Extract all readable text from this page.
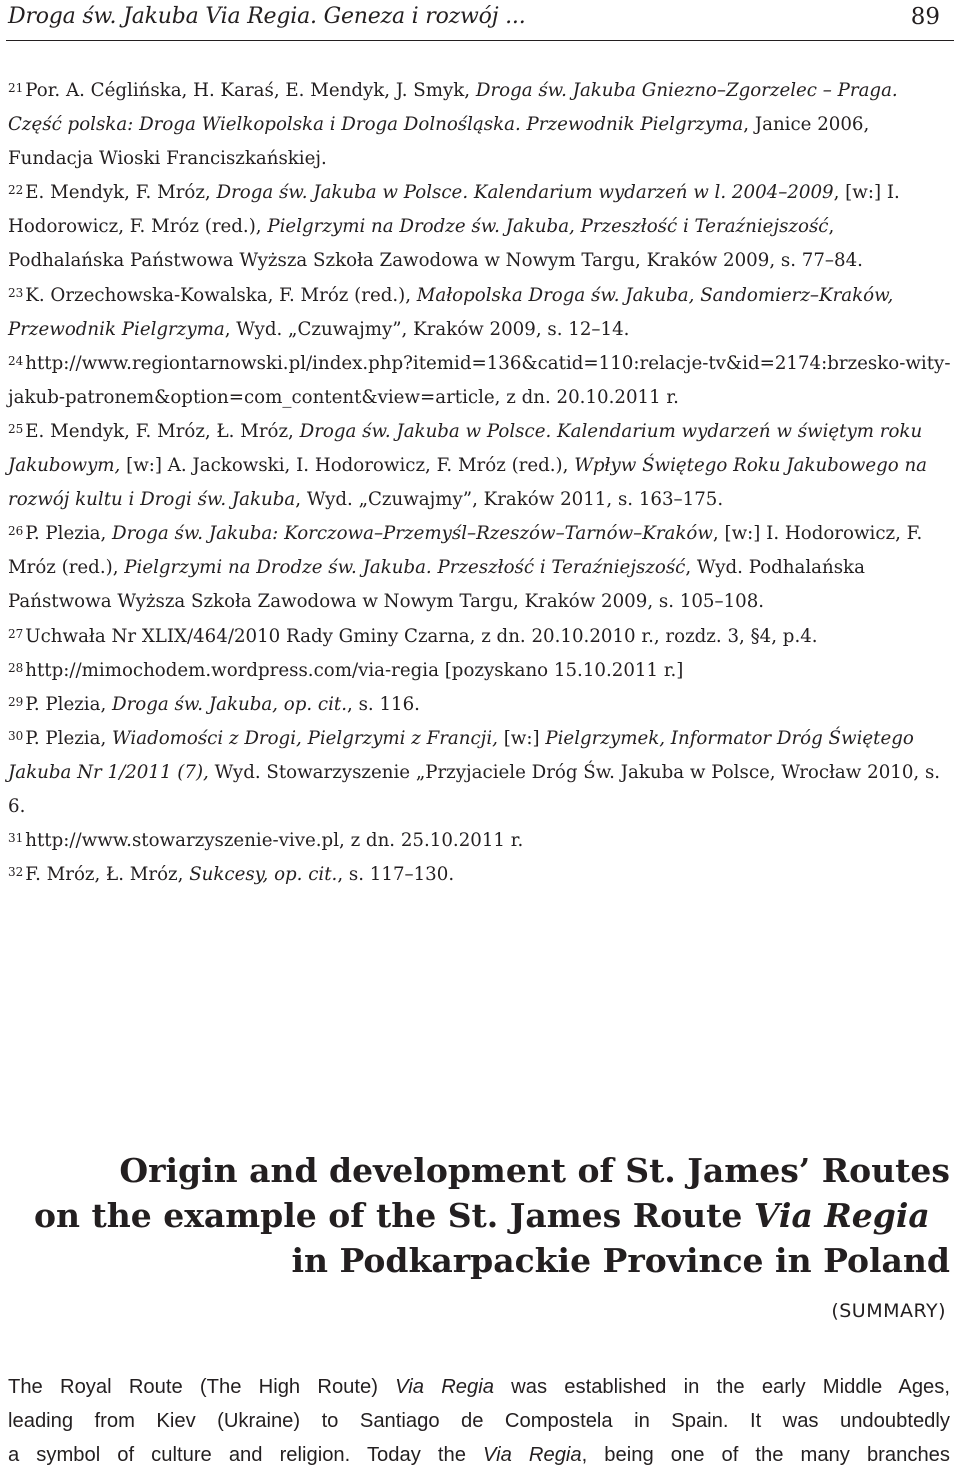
Droga św. Jakuba Via Regia. Geneza i rozwój ...	89

$^{21}$ Por. A. Céglińska, H. Karaś, E. Mendyk, J. Smyk, Droga św. Jakuba Gniezno–Zgorzelec – Praga. Część polska: Droga Wielkopolska i Droga Dolnośląska. Przewodnik Pielgrzyma, Janice 2006, Fundacja Wioski Franciszkańskiej.

$^{22}$ E. Mendyk, F. Mróz, Droga św. Jakuba w Polsce. Kalendarium wydarzeń w l. 2004–2009, [w:] I. Hodorowicz, F. Mróz (red.), Pielgrzymi na Drodze św. Jakuba, Przeszłość i Teraźniejszość, Podhalańska Państwowa Wyższa Szkoła Zawodowa w Nowym Targu, Kraków 2009, s. 77–84.

$^{23}$ K. Orzechowska-Kowalska, F. Mróz (red.), Małopolska Droga św. Jakuba, Sandomierz–Kraków, Przewodnik Pielgrzyma, Wyd. „Czuwajmy”, Kraków 2009, s. 12–14.

$^{24}$ http://www.regiontarnowski.pl/index.php?itemid=136&catid=110:relacje-tv&id=2174:brzesko-wity-jakub-patronem&option=com_content&view=article, z dn. 20.10.2011 r.

$^{25}$ E. Mendyk, F. Mróz, Ł. Mróz, Droga św. Jakuba w Polsce. Kalendarium wydarzeń w świętym roku Jakubowym, [w:] A. Jackowski, I. Hodorowicz, F. Mróz (red.), Wpływ Świętego Roku Jakubowego na rozwój kultu i Drogi św. Jakuba, Wyd. „Czuwajmy”, Kraków 2011, s. 163–175.

$^{26}$ P. Plezia, Droga św. Jakuba: Korczowa–Przemyśl–Rzeszów–Tarnów–Kraków, [w:] I. Hodorowicz, F. Mróz (red.), Pielgrzymi na Drodze św. Jakuba. Przeszłość i Teraźniejszość, Wyd. Podhalańska Państwowa Wyższa Szkoła Zawodowa w Nowym Targu, Kraków 2009, s. 105–108.

$^{27}$ Uchwała Nr XLIX/464/2010 Rady Gminy Czarna, z dn. 20.10.2010 r., rozdz. 3, §4, p.4.

$^{28}$ http://mimochodem.wordpress.com/via-regia [pozyskano 15.10.2011 r.]

$^{29}$ P. Plezia, Droga św. Jakuba, op. cit., s. 116.

$^{30}$ P. Plezia, Wiadomości z Drogi, Pielgrzymi z Francji, [w:] Pielgrzymek, Informator Dróg Świętego Jakuba Nr 1/2011 (7), Wyd. Stowarzyszenie „Przyjaciele Dróg Św. Jakuba w Polsce, Wrocław 2010, s. 6.

$^{31}$ http://www.stowarzyszenie-vive.pl, z dn. 25.10.2011 r.

$^{32}$ F. Mróz, Ł. Mróz, Sukcesy, op. cit., s. 117–130.

Origin and development of St. James’ Routes
on the example of the St. James Route Via Regia
in Podkarpackie Province in Poland
(SUMMARY)
The Royal Route (The High Route) Via Regia was established in the early Middle Ages,
leading from Kiev (Ukraine) to Santiago de Compostela in Spain. It was undoubtedly
a symbol of culture and religion. Today the Via Regia, being one of the many branches
